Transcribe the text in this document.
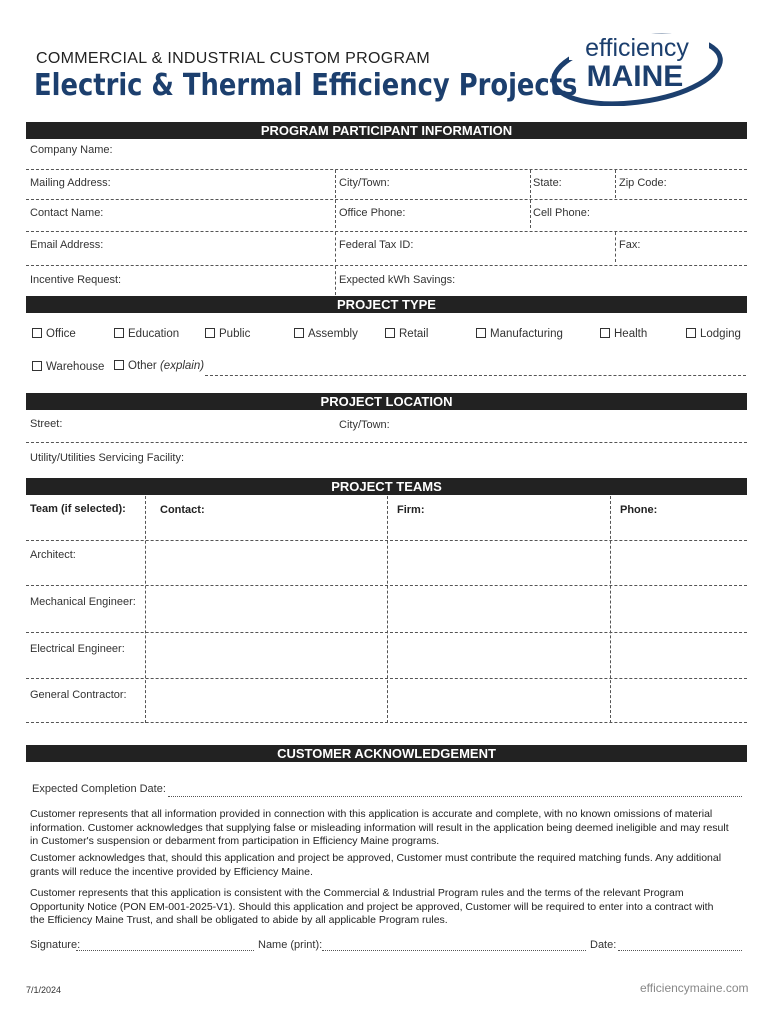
COMMERCIAL & INDUSTRIAL CUSTOM PROGRAM
Electric & Thermal Efficiency Projects
efficiency
MAINE
PROGRAM PARTICIPANT INFORMATION
Company Name:
Mailing Address:	City/Town:	State:	Zip Code:
Contact Name:	Office Phone:	Cell Phone:
Email Address:	Federal Tax ID:	Fax:
Incentive Request:	Expected kWh Savings:
PROJECT TYPE
Office	Education	Public	Assembly	Retail	Manufacturing	Health	Lodging
Warehouse	Other (explain)
PROJECT LOCATION
Street:	City/Town:
Utility/Utilities Servicing Facility:
PROJECT TEAMS
Team (if selected):	Contact:	Firm:	Phone:
Architect:
Mechanical Engineer:
Electrical Engineer:
General Contractor:
CUSTOMER ACKNOWLEDGEMENT
Expected Completion Date:
Customer represents that all information provided in connection with this application is accurate and complete, with no known omissions of material information. Customer acknowledges that supplying false or misleading information will result in the application being deemed ineligible and may result in Customer's suspension or debarment from participation in Efficiency Maine programs.
Customer acknowledges that, should this application and project be approved, Customer must contribute the required matching funds. Any additional grants will reduce the incentive provided by Efficiency Maine.
Customer represents that this application is consistent with the Commercial & Industrial Program rules and the terms of the relevant Program Opportunity Notice (PON EM-001-2025-V1). Should this application and project be approved, Customer will be required to enter into a contract with the Efficiency Maine Trust, and shall be obligated to abide by all applicable Program rules.
Signature:	Name (print):	Date:
7/1/2024	efficiencymaine.com
